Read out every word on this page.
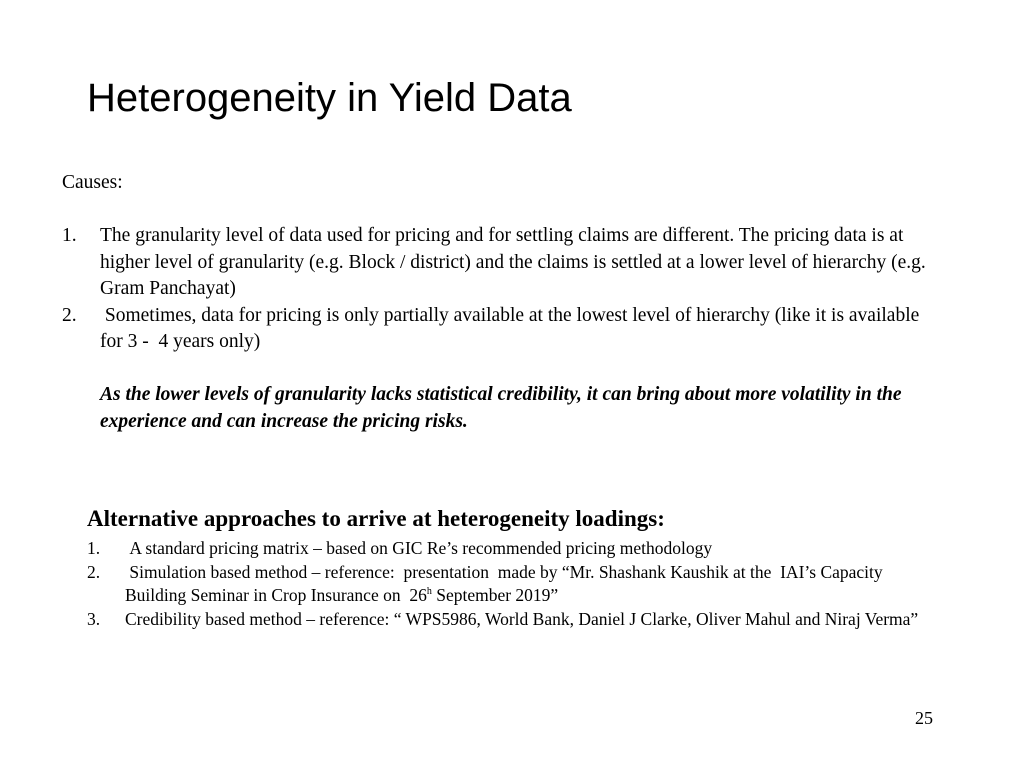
Heterogeneity in Yield Data

Causes:

1. The granularity level of data used for pricing and for settling claims are different. The pricing data is at higher level of granularity (e.g. Block / district) and the claims is settled at a lower level of hierarchy (e.g. Gram Panchayat)
2. Sometimes, data for pricing is only partially available at the lowest level of hierarchy (like it is available for 3 -  4 years only)

As the lower levels of granularity lacks statistical credibility, it can bring about more volatility in the experience and can increase the pricing risks.

Alternative approaches to arrive at heterogeneity loadings:

1. A standard pricing matrix – based on GIC Re’s recommended pricing methodology
2. Simulation based method – reference:  presentation  made by “Mr. Shashank Kaushik at the  IAI’s Capacity Building Seminar in Crop Insurance on  26$^h$ September 2019”
3. Credibility based method – reference: “ WPS5986, World Bank, Daniel J Clarke, Oliver Mahul and Niraj Verma”
25
